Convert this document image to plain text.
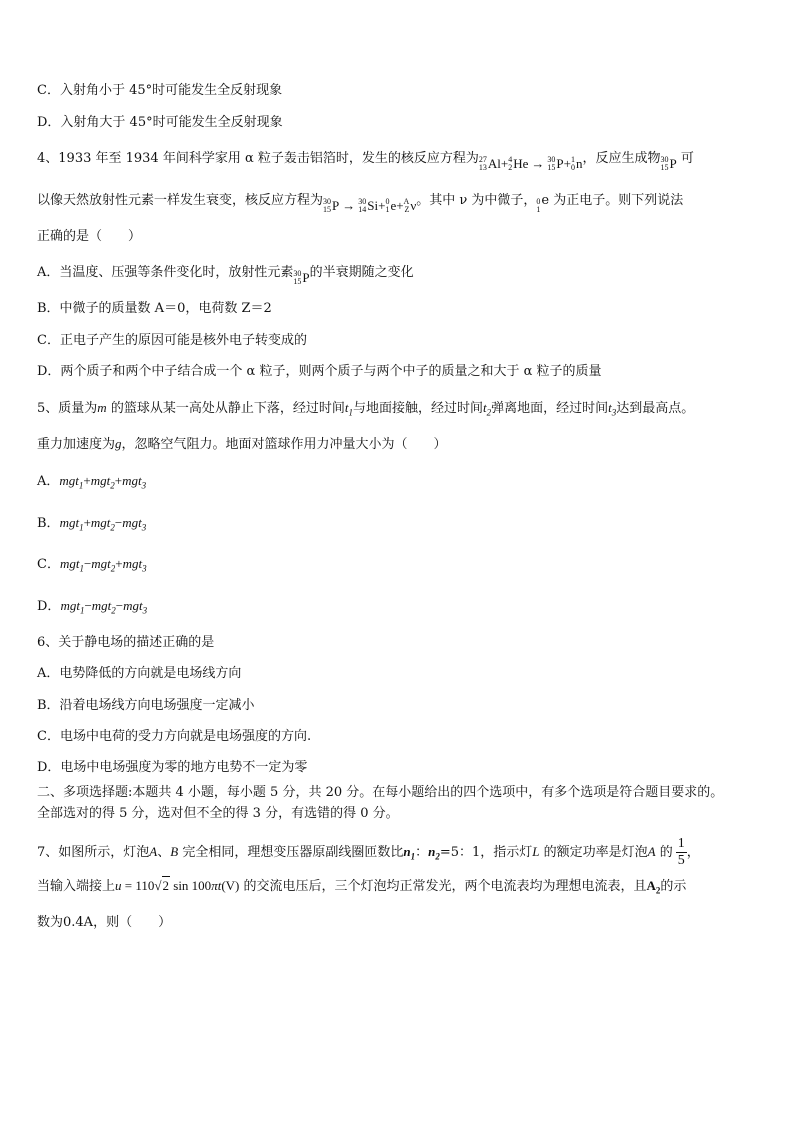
C．入射角小于 45°时可能发生全反射现象
D．入射角大于 45°时可能发生全反射现象
4、1933 年至 1934 年间科学家用 α 粒子轰击铝箔时，发生的核反应方程为 27
13 Al+ 4
2 He → 30
15 P+ 1
0 n，反应生成物 30
15 P 可
以像天然放射性元素一样发生衰变，核反应方程为 30
15 P → 30
14 Si+ 0
1 e+ A
Z ν。其中 ν 为中微子， 0
1
e 为正电子。则下列说法
正确的是（　　）
A．当温度、压强等条件变化时，放射性元素 30
15 P的半衰期随之变化
B．中微子的质量数 A＝0，电荷数 Z＝2
C．正电子产生的原因可能是核外电子转变成的
D．两个质子和两个中子结合成一个 α 粒子，则两个质子与两个中子的质量之和大于 α 粒子的质量
5、质量为m 的篮球从某一高处从静止下落，经过时间$t_1$与地面接触，经过时间$t_2$弹离地面，经过时间$t_3$达到最高点。
重力加速度为g，忽略空气阻力。地面对篮球作用力冲量大小为（　　）
A．mgt$_1$+mgt$_2$+mgt$_3$
B．mgt$_1$+mgt$_2$−mgt$_3$
C．mgt$_1$−mgt$_2$+mgt$_3$
D．mgt$_1$−mgt$_2$−mgt$_3$
6、关于静电场的描述正确的是
A．电势降低的方向就是电场线方向
B．沿着电场线方向电场强度一定减小
C．电场中电荷的受力方向就是电场强度的方向.
D．电场中电场强度为零的地方电势不一定为零
二、多项选择题:本题共 4 小题，每小题 5 分，共 20 分。在每小题给出的四个选项中，有多个选项是符合题目要求的。
全部选对的得 5 分，选对但不全的得 3 分，有选错的得 0 分。
7、如图所示，灯泡A、B 完全相同，理想变压器原副线圈匝数比$n_1$：$n_2=5$：1，指示灯L 的额定功率是灯泡A 的 $\frac{1}{5}$ ，
当输入端接上u = 110√2 sin 100πt(V) 的交流电压后，三个灯泡均正常发光，两个电流表均为理想电流表，且$A_2$的示
数为0.4A，则（　　）
